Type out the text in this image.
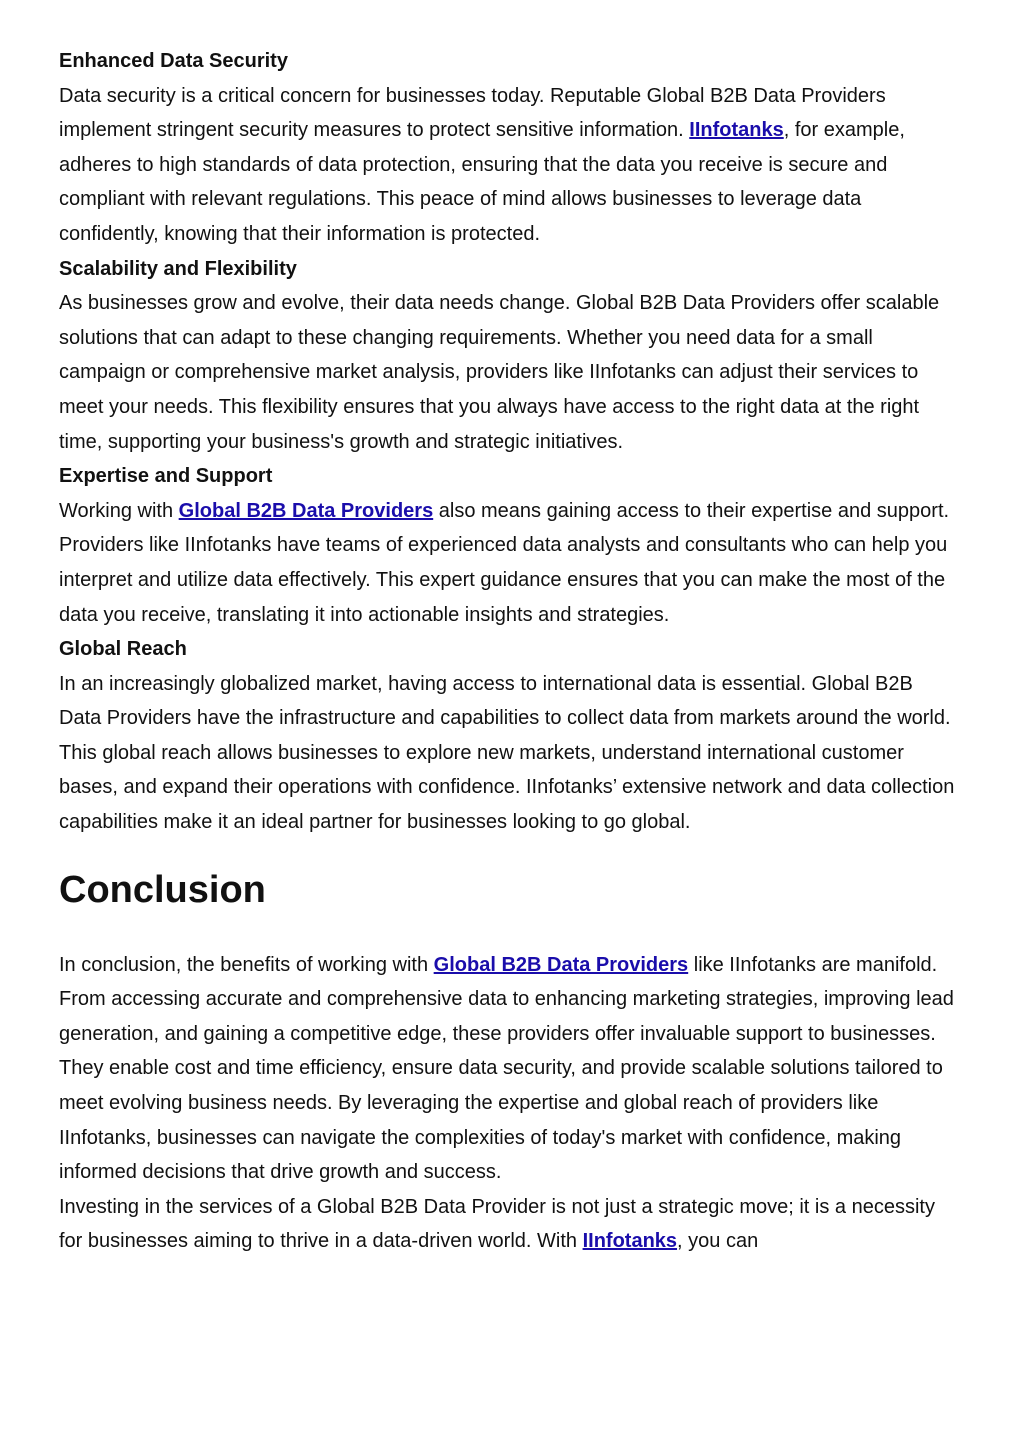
Enhanced Data Security

Data security is a critical concern for businesses today. Reputable Global B2B Data Providers implement stringent security measures to protect sensitive information. IInfotanks, for example, adheres to high standards of data protection, ensuring that the data you receive is secure and compliant with relevant regulations. This peace of mind allows businesses to leverage data confidently, knowing that their information is protected.

Scalability and Flexibility

As businesses grow and evolve, their data needs change. Global B2B Data Providers offer scalable solutions that can adapt to these changing requirements. Whether you need data for a small campaign or comprehensive market analysis, providers like IInfotanks can adjust their services to meet your needs. This flexibility ensures that you always have access to the right data at the right time, supporting your business's growth and strategic initiatives.

Expertise and Support

Working with Global B2B Data Providers also means gaining access to their expertise and support. Providers like IInfotanks have teams of experienced data analysts and consultants who can help you interpret and utilize data effectively. This expert guidance ensures that you can make the most of the data you receive, translating it into actionable insights and strategies.

Global Reach

In an increasingly globalized market, having access to international data is essential. Global B2B Data Providers have the infrastructure and capabilities to collect data from markets around the world. This global reach allows businesses to explore new markets, understand international customer bases, and expand their operations with confidence. IInfotanks’ extensive network and data collection capabilities make it an ideal partner for businesses looking to go global.

Conclusion

In conclusion, the benefits of working with Global B2B Data Providers like IInfotanks are manifold. From accessing accurate and comprehensive data to enhancing marketing strategies, improving lead generation, and gaining a competitive edge, these providers offer invaluable support to businesses. They enable cost and time efficiency, ensure data security, and provide scalable solutions tailored to meet evolving business needs. By leveraging the expertise and global reach of providers like IInfotanks, businesses can navigate the complexities of today's market with confidence, making informed decisions that drive growth and success.

Investing in the services of a Global B2B Data Provider is not just a strategic move; it is a necessity for businesses aiming to thrive in a data-driven world. With IInfotanks, you can
